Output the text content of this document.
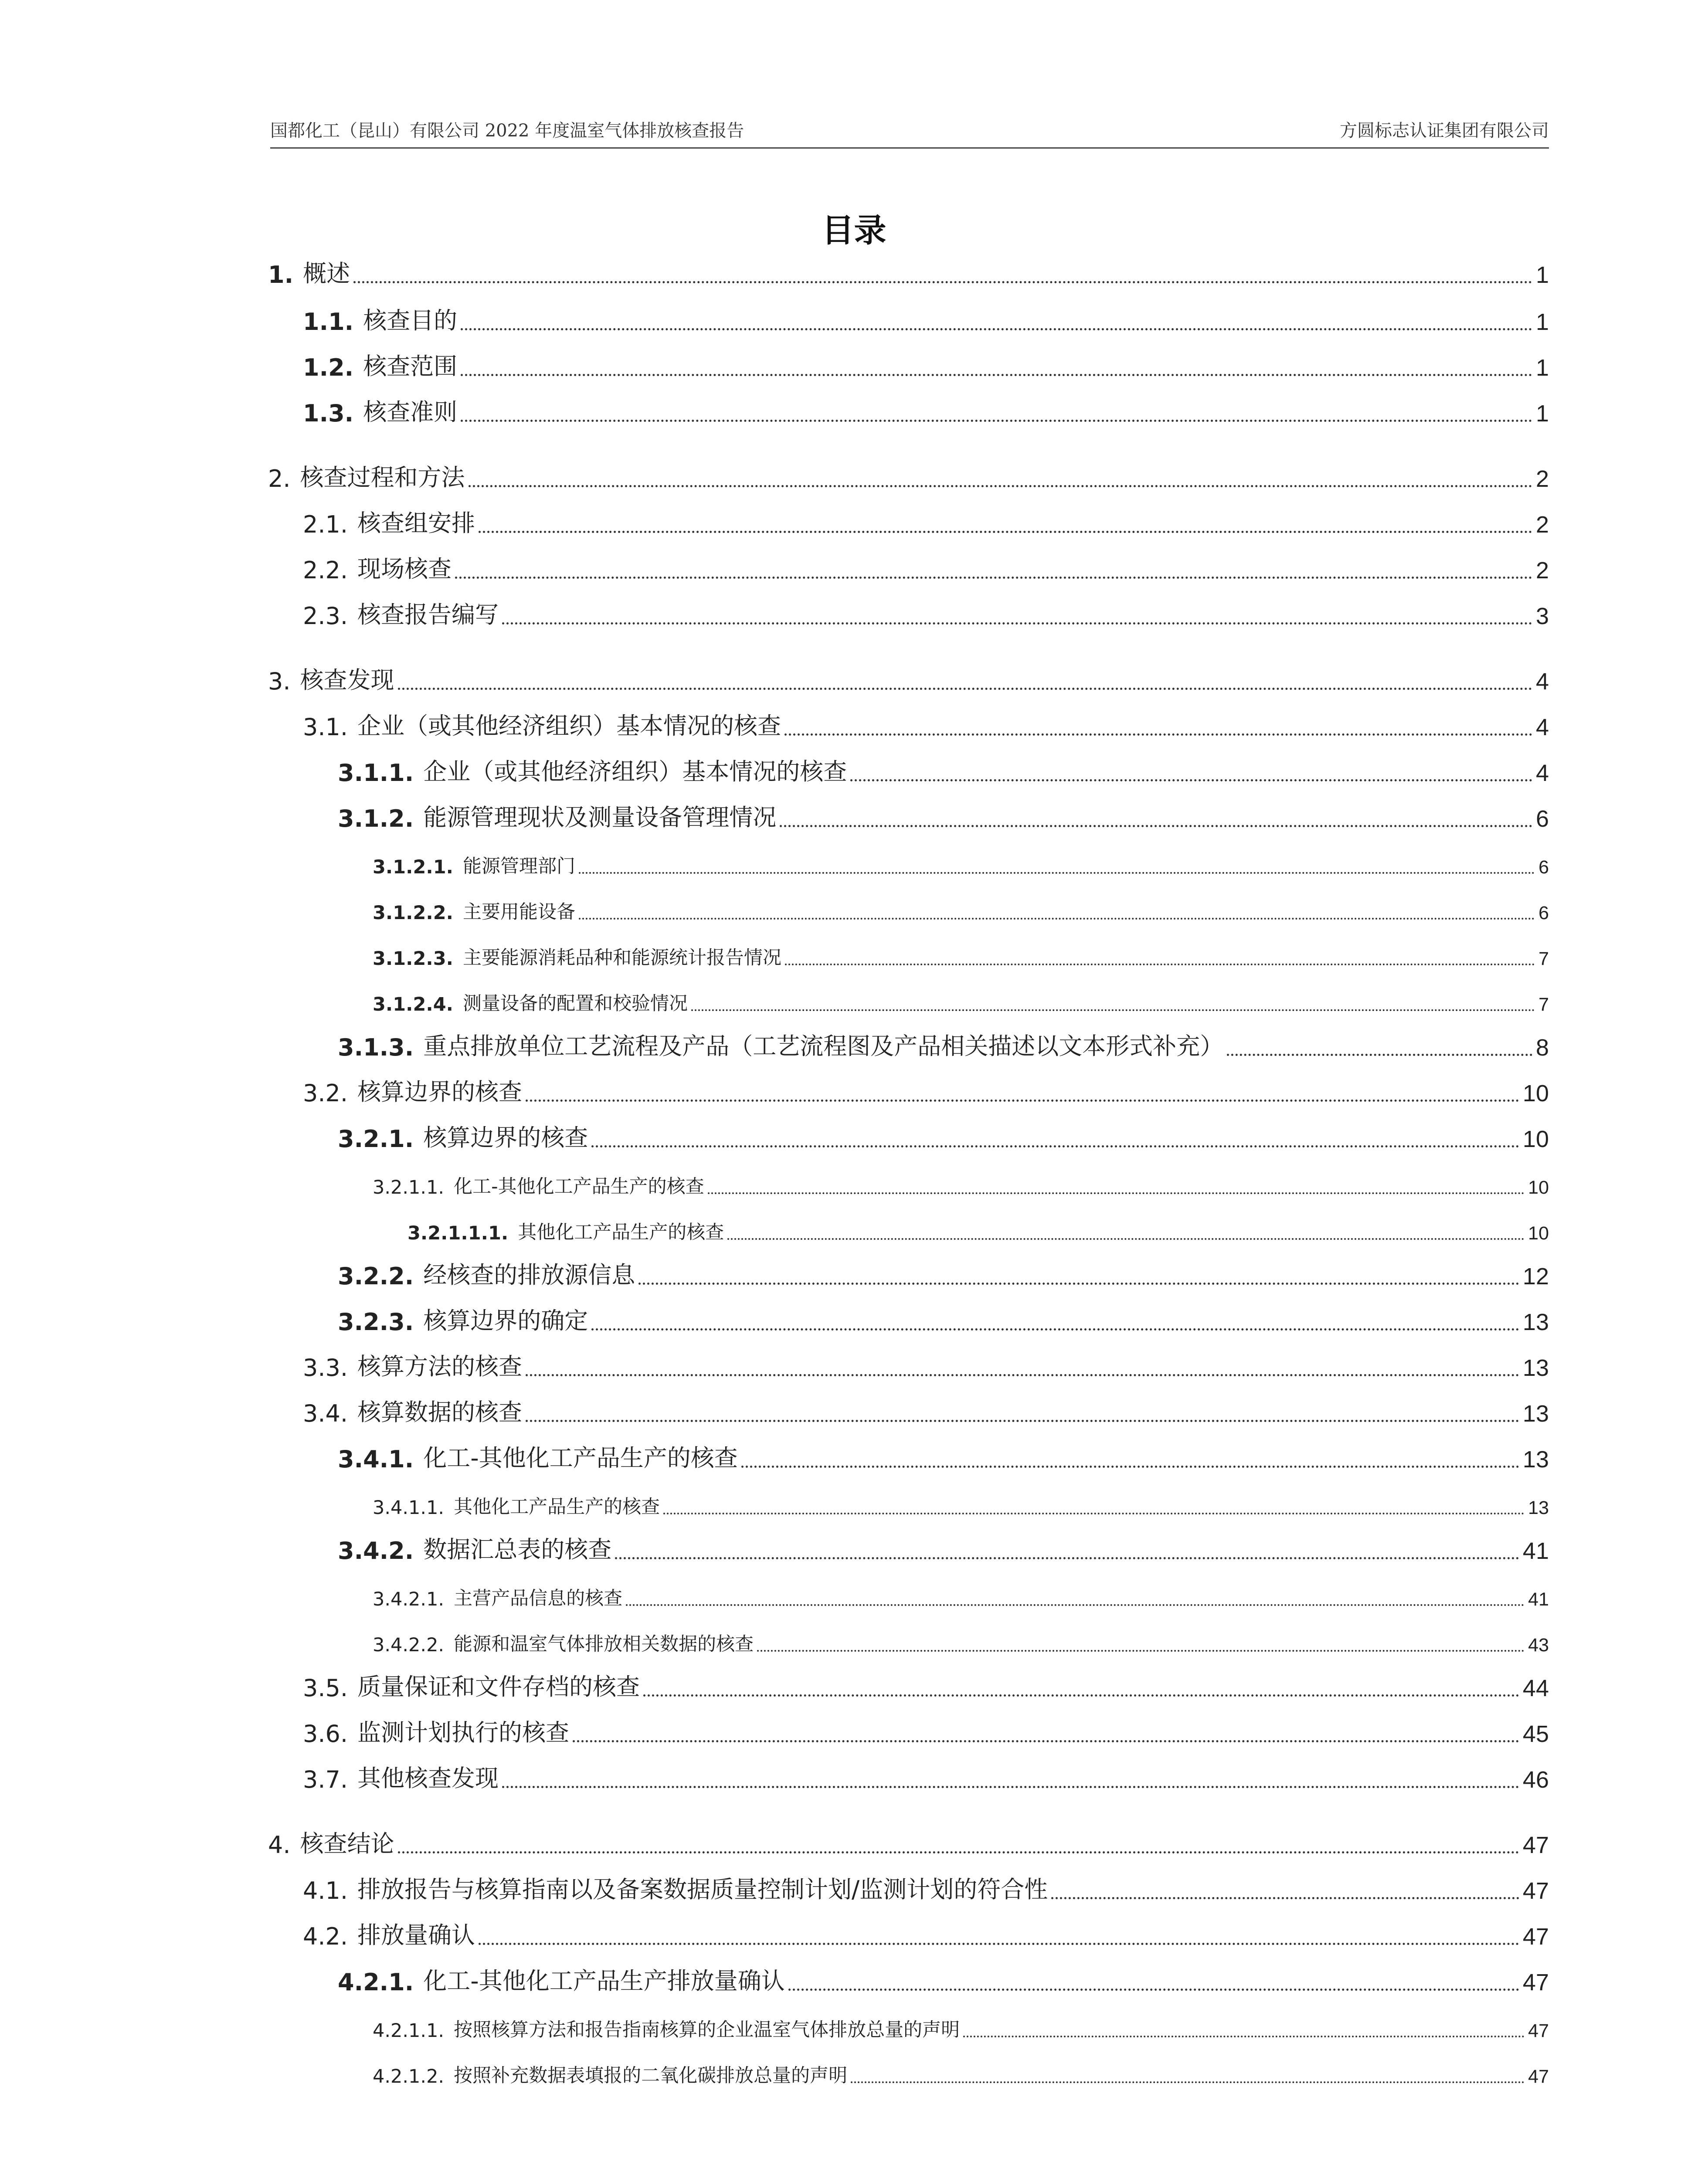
国都化工（昆山）有限公司 2022 年度温室气体排放核查报告	方圆标志认证集团有限公司
目录
1. 概述	1
1.1. 核查目的	1
1.2. 核查范围	1
1.3. 核查准则	1
2. 核查过程和方法	2
2.1. 核查组安排	2
2.2. 现场核查	2
2.3. 核查报告编写	3
3. 核查发现	4
3.1. 企业（或其他经济组织）基本情况的核查	4
3.1.1. 企业（或其他经济组织）基本情况的核查	4
3.1.2. 能源管理现状及测量设备管理情况	6
3.1.2.1. 能源管理部门	6
3.1.2.2. 主要用能设备	6
3.1.2.3. 主要能源消耗品种和能源统计报告情况	7
3.1.2.4. 测量设备的配置和校验情况	7
3.1.3. 重点排放单位工艺流程及产品（工艺流程图及产品相关描述以文本形式补充）	8
3.2. 核算边界的核查	10
3.2.1. 核算边界的核查	10
3.2.1.1. 化工-其他化工产品生产的核查	10
3.2.1.1.1. 其他化工产品生产的核查	10
3.2.2. 经核查的排放源信息	12
3.2.3. 核算边界的确定	13
3.3. 核算方法的核查	13
3.4. 核算数据的核查	13
3.4.1. 化工-其他化工产品生产的核查	13
3.4.1.1. 其他化工产品生产的核查	13
3.4.2. 数据汇总表的核查	41
3.4.2.1. 主营产品信息的核查	41
3.4.2.2. 能源和温室气体排放相关数据的核查	43
3.5. 质量保证和文件存档的核查	44
3.6. 监测计划执行的核查	45
3.7. 其他核查发现	46
4. 核查结论	47
4.1. 排放报告与核算指南以及备案数据质量控制计划/监测计划的符合性	47
4.2. 排放量确认	47
4.2.1. 化工-其他化工产品生产排放量确认	47
4.2.1.1. 按照核算方法和报告指南核算的企业温室气体排放总量的声明	47
4.2.1.2. 按照补充数据表填报的二氧化碳排放总量的声明	47
